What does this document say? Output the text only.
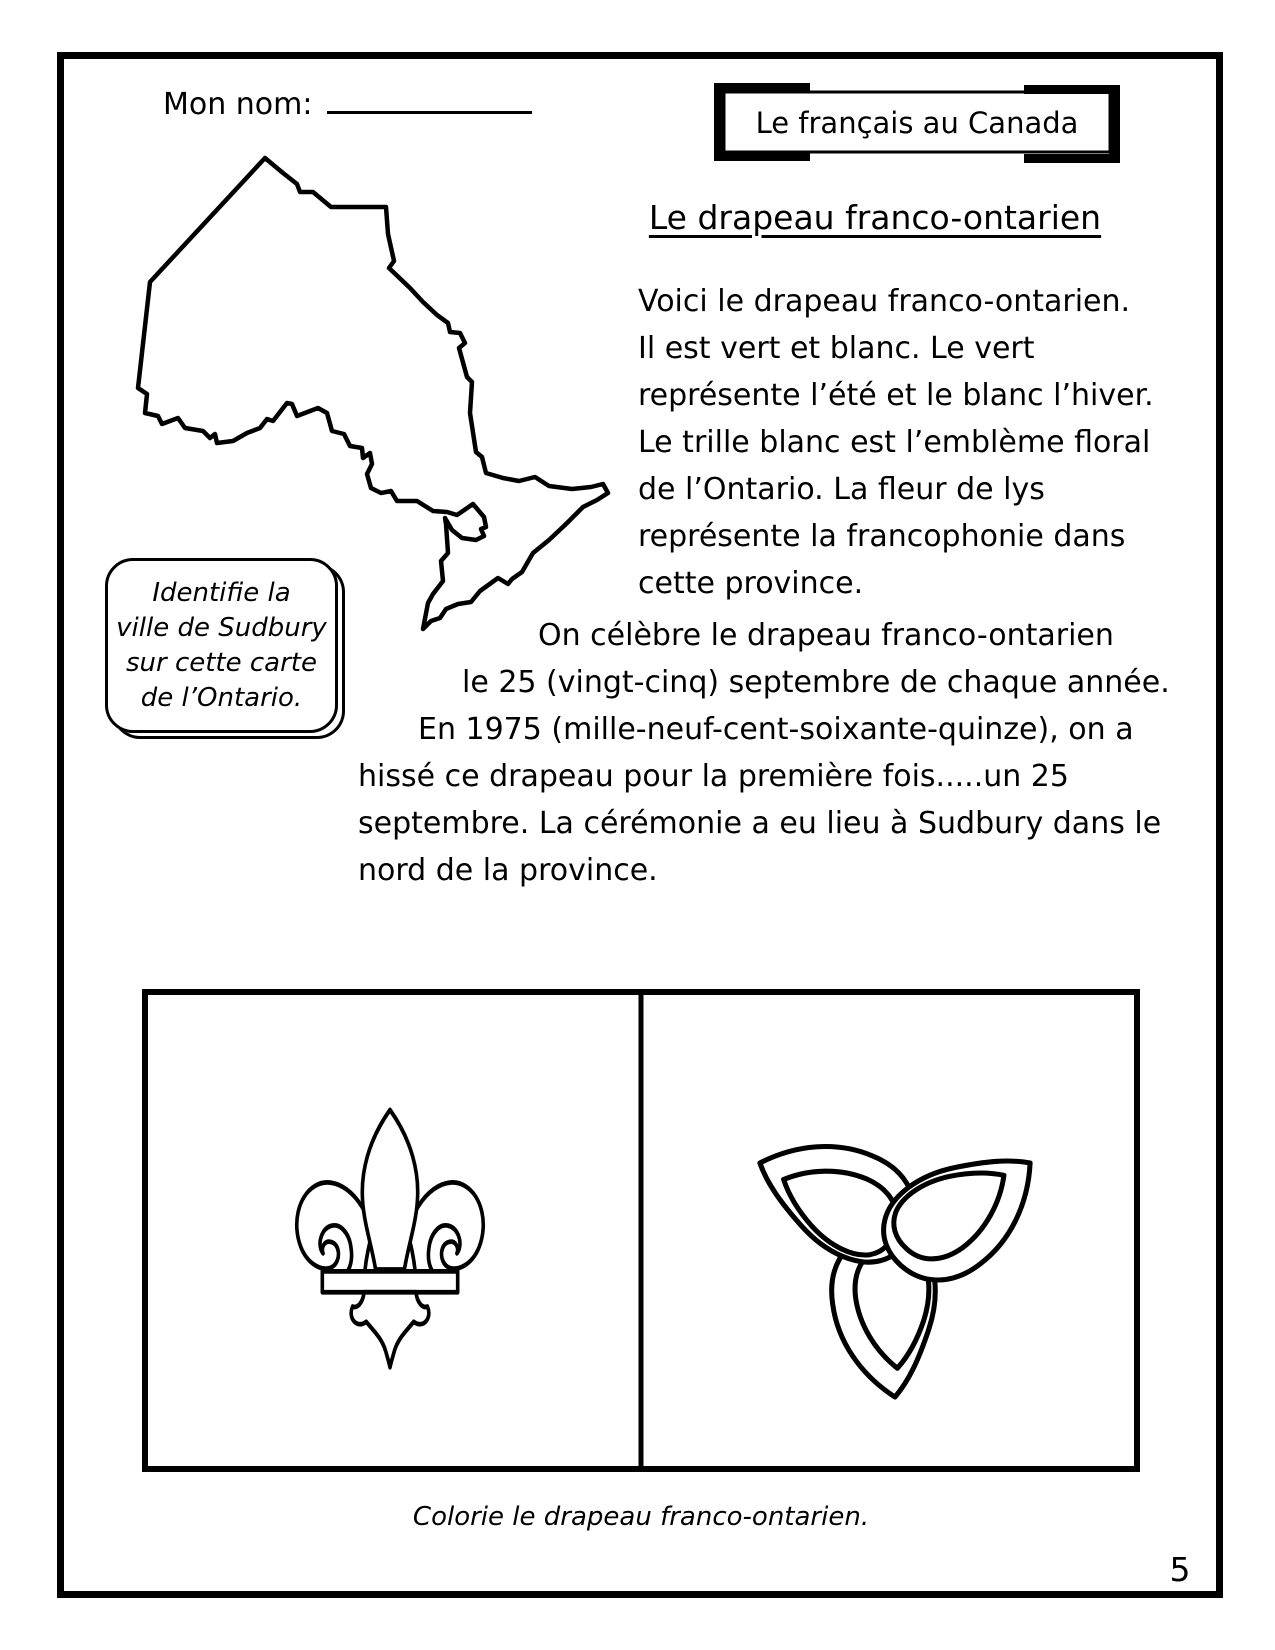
Mon nom:
Le français au Canada
Le drapeau franco-ontarien
Identifie la
ville de Sudbury
sur cette carte
de l’Ontario.
Voici le drapeau franco-ontarien.
Il est vert et blanc. Le vert
représente l’été et le blanc l’hiver.
Le trille blanc est l’emblème floral
de l’Ontario. La fleur de lys
représente la francophonie dans
cette province.
On célèbre le drapeau franco-ontarien
le 25 (vingt-cinq) septembre de chaque année.
En 1975 (mille-neuf-cent-soixante-quinze), on a
hissé ce drapeau pour la première fois.....un 25
septembre. La cérémonie a eu lieu à Sudbury dans le
nord de la province.
Colorie le drapeau franco-ontarien.
5
